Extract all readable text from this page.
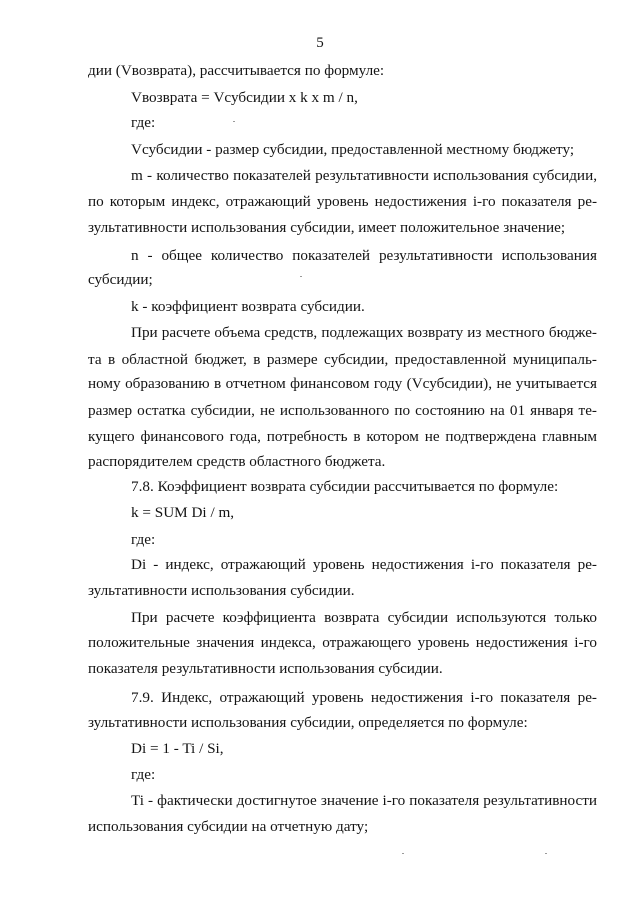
5
дии (Vвозврата), рассчитывается по формуле:
Vвозврата = Vсубсидии x k x m / n,
где:
Vсубсидии - размер субсидии, предоставленной местному бюджету;
m - количество показателей результативности использования субсидии,
по которым индекс, отражающий уровень недостижения i-го показателя ре-
зультативности использования субсидии, имеет положительное значение;
n - общее количество показателей результативности использования
субсидии;
k - коэффициент возврата субсидии.
При расчете объема средств, подлежащих возврату из местного бюдже-
та в областной бюджет, в размере субсидии, предоставленной муниципаль-
ному образованию в отчетном финансовом году (Vсубсидии), не учитывается
размер остатка субсидии, не использованного по состоянию на 01 января те-
кущего финансового года, потребность в котором не подтверждена главным
распорядителем средств областного бюджета.
7.8. Коэффициент возврата субсидии рассчитывается по формуле:
k = SUM Di / m,
где:
Di - индекс, отражающий уровень недостижения i-го показателя ре-
зультативности использования субсидии.
При расчете коэффициента возврата субсидии используются только
положительные значения индекса, отражающего уровень недостижения i-го
показателя результативности использования субсидии.
7.9. Индекс, отражающий уровень недостижения i-го показателя ре-
зультативности использования субсидии, определяется по формуле:
Di = 1 - Ti / Si,
где:
Ti - фактически достигнутое значение i-го показателя результативности
использования субсидии на отчетную дату;
